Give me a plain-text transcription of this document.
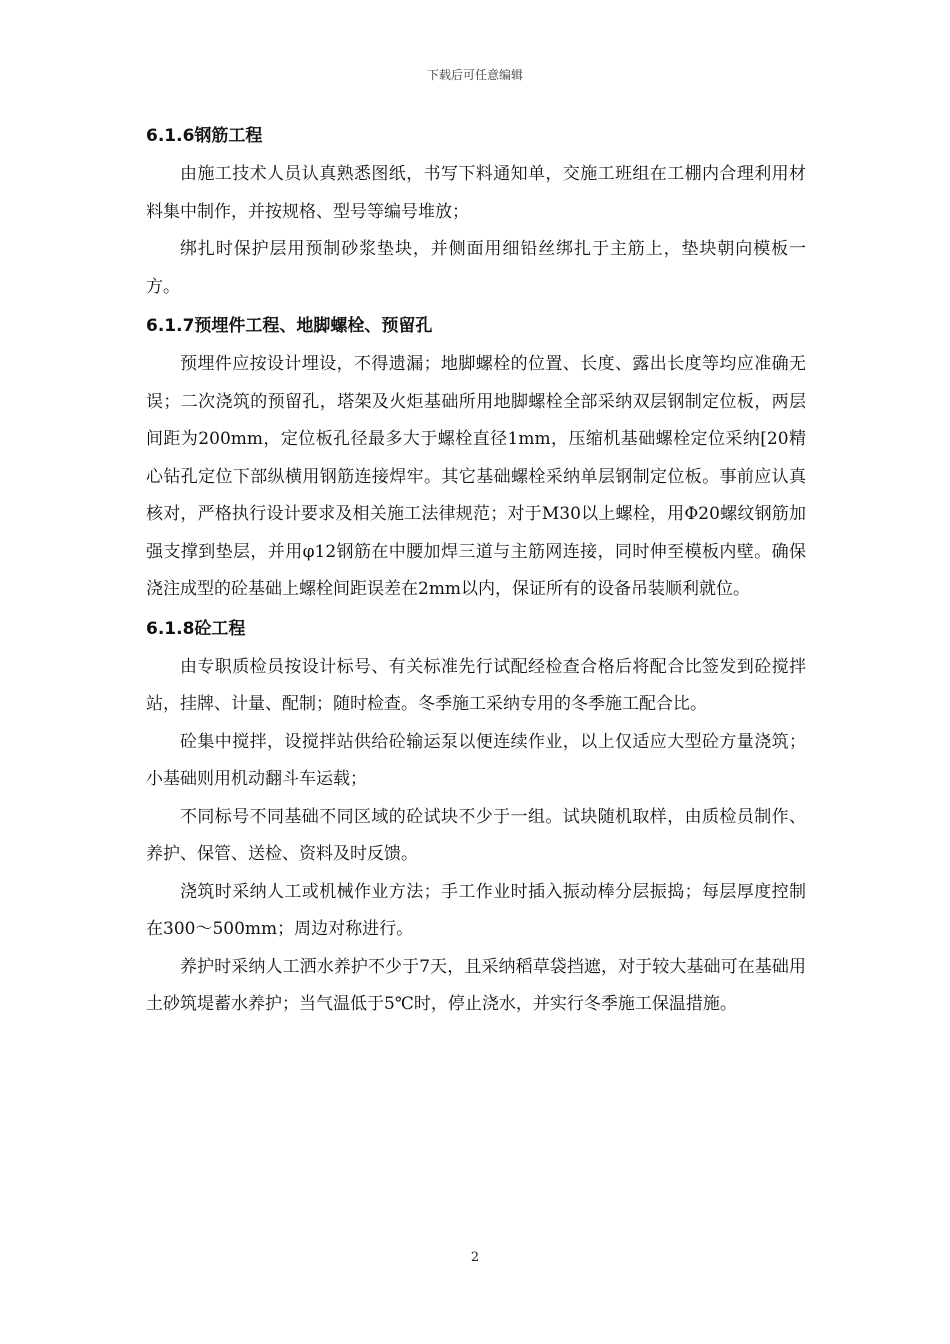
下载后可任意编辑
6.1.6钢筋工程

由施工技术人员认真熟悉图纸，书写下料通知单，交施工班组在工棚内合理利用材料集中制作，并按规格、型号等编号堆放；

绑扎时保护层用预制砂浆垫块，并侧面用细铅丝绑扎于主筋上，垫块朝向模板一方。

6.1.7预埋件工程、地脚螺栓、预留孔

预埋件应按设计埋设，不得遗漏；地脚螺栓的位置、长度、露出长度等均应准确无误；二次浇筑的预留孔，塔架及火炬基础所用地脚螺栓全部采纳双层钢制定位板，两层间距为200mm，定位板孔径最多大于螺栓直径1mm，压缩机基础螺栓定位采纳[20精心钻孔定位下部纵横用钢筋连接焊牢。其它基础螺栓采纳单层钢制定位板。事前应认真核对，严格执行设计要求及相关施工法律规范；对于M30以上螺栓，用Φ20螺纹钢筋加强支撑到垫层，并用φ12钢筋在中腰加焊三道与主筋网连接，同时伸至模板内壁。确保浇注成型的砼基础上螺栓间距误差在2mm以内，保证所有的设备吊装顺利就位。

6.1.8砼工程

由专职质检员按设计标号、有关标准先行试配经检查合格后将配合比签发到砼搅拌站，挂牌、计量、配制；随时检查。冬季施工采纳专用的冬季施工配合比。

砼集中搅拌，设搅拌站供给砼输运泵以便连续作业，以上仅适应大型砼方量浇筑；小基础则用机动翻斗车运载；

不同标号不同基础不同区域的砼试块不少于一组。试块随机取样，由质检员制作、养护、保管、送检、资料及时反馈。

浇筑时采纳人工或机械作业方法；手工作业时插入振动棒分层振捣；每层厚度控制在300～500mm；周边对称进行。

养护时采纳人工洒水养护不少于7天，且采纳稻草袋挡遮，对于较大基础可在基础用土砂筑堤蓄水养护；当气温低于5℃时，停止浇水，并实行冬季施工保温措施。

2
